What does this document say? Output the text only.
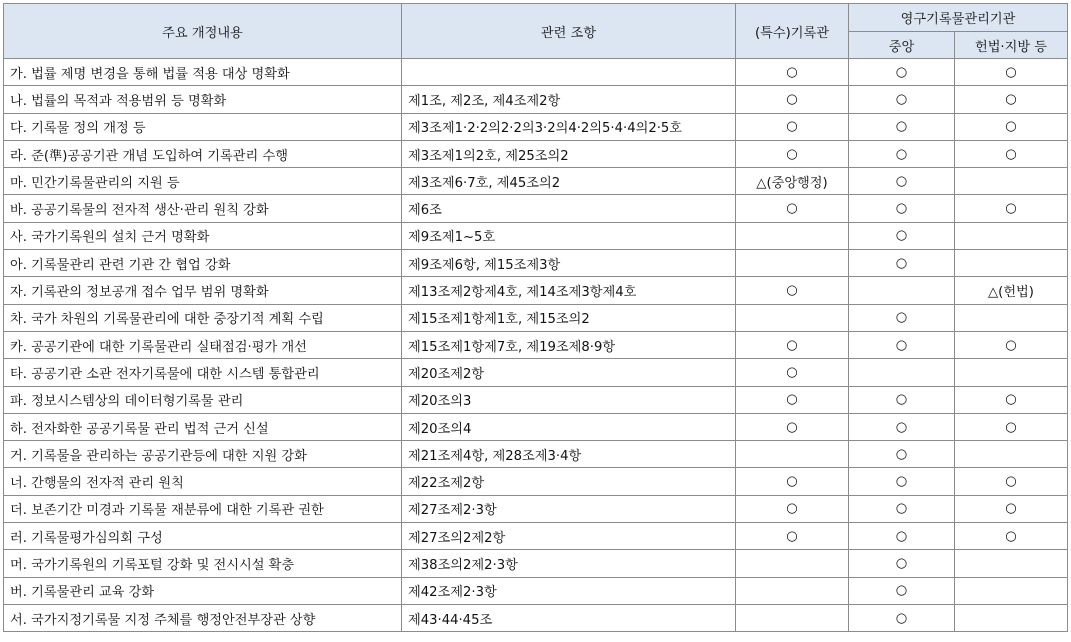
주요 개정내용	관련 조항	(특수)기록관	영구기록물관리기관	
			중앙	헌법·지방 등
가. 법률 제명 변경을 통해 법률 적용 대상 명확화		○	○	○
나. 법률의 목적과 적용범위 등 명확화	제1조, 제2조, 제4조제2항	○	○	○
다. 기록물 정의 개정 등	제3조제1·2·2의2·2의3·2의4·2의5·4·4의2·5호	○	○	○
라. 준(準)공공기관 개념 도입하여 기록관리 수행	제3조제1의2호, 제25조의2	○	○	○
마. 민간기록물관리의 지원 등	제3조제6·7호, 제45조의2	△(중앙행정)	○	
바. 공공기록물의 전자적 생산·관리 원칙 강화	제6조	○	○	○
사. 국가기록원의 설치 근거 명확화	제9조제1~5호		○	
아. 기록물관리 관련 기관 간 협업 강화	제9조제6항, 제15조제3항		○	
자. 기록관의 정보공개 접수 업무 범위 명확화	제13조제2항제4호, 제14조제3항제4호	○		△(헌법)
차. 국가 차원의 기록물관리에 대한 중장기적 계획 수립	제15조제1항제1호, 제15조의2		○	
카. 공공기관에 대한 기록물관리 실태점검·평가 개선	제15조제1항제7호, 제19조제8·9항	○	○	○
타. 공공기관 소관 전자기록물에 대한 시스템 통합관리	제20조제2항	○		
파. 정보시스템상의 데이터형기록물 관리	제20조의3	○	○	○
하. 전자화한 공공기록물 관리 법적 근거 신설	제20조의4	○	○	○
거. 기록물을 관리하는 공공기관등에 대한 지원 강화	제21조제4항, 제28조제3·4항		○	
너. 간행물의 전자적 관리 원칙	제22조제2항	○	○	○
더. 보존기간 미경과 기록물 재분류에 대한 기록관 권한	제27조제2·3항	○	○	○
러. 기록물평가심의회 구성	제27조의2제2항	○	○	○
머. 국가기록원의 기록포털 강화 및 전시시설 확충	제38조의2제2·3항		○	
버. 기록물관리 교육 강화	제42조제2·3항		○	
서. 국가지정기록물 지정 주체를 행정안전부장관 상향	제43·44·45조		○	
